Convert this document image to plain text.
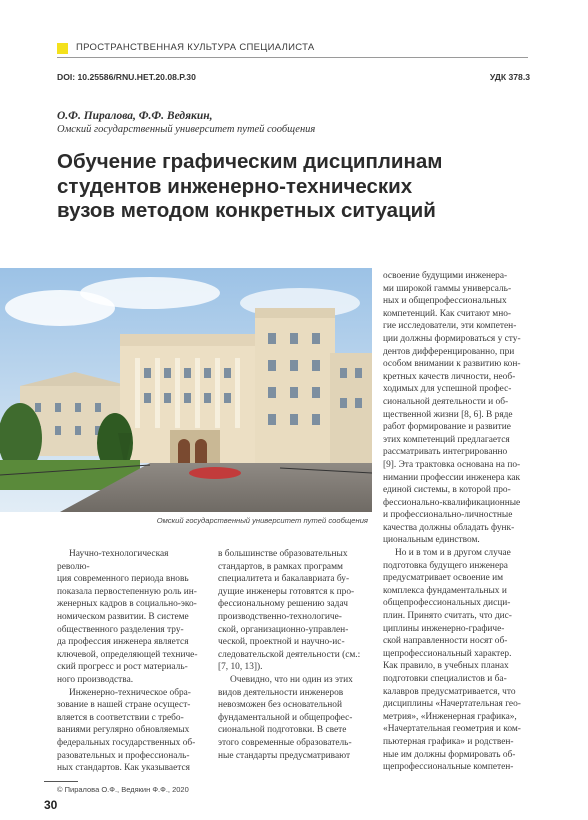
ПРОСТРАНСТВЕННАЯ КУЛЬТУРА СПЕЦИАЛИСТА
DOI: 10.25586/RNU.HET.20.08.P.30	УДК 378.3
О.Ф. Пиралова, Ф.Ф. Ведякин,
Омский государственный университет путей сообщения
Обучение графическим дисциплинам
студентов инженерно-технических
вузов методом конкретных ситуаций
Омский государственный университет путей сообщения

Научно-технологическая револю-

ция современного периода вновь

показала первостепенную роль ин-

женерных кадров в социально-эко-

номическом развитии. В системе

общественного разделения тру-

да профессия инженера является

ключевой, определяющей техниче-

ский прогресс и рост материаль-

ного производства.

Инженерно-техническое обра-

зование в нашей стране осущест-

вляется в соответствии с требо-

ваниями регулярно обновляемых

федеральных государственных об-

разовательных и профессиональ-

ных стандартов. Как указывается

в большинстве образовательных

стандартов, в рамках программ

специалитета и бакалавриата бу-

дущие инженеры готовятся к про-

фессиональному решению задач

производственно-технологиче-

ской, организационно-управлен-

ческой, проектной и научно-ис-

следовательской деятельности (см.:

[7, 10, 13]).

Очевидно, что ни один из этих

видов деятельности инженеров

невозможен без основательной

фундаментальной и общепрофес-

сиональной подготовки. В свете

этого современные образователь-

ные стандарты предусматривают

освоение будущими инженера-

ми широкой гаммы универсаль-

ных и общепрофессиональных

компетенций. Как считают мно-

гие исследователи, эти компетен-

ции должны формироваться у сту-

дентов дифференцированно, при

особом внимании к развитию кон-

кретных качеств личности, необ-

ходимых для успешной профес-

сиональной деятельности и об-

щественной жизни [8, 6]. В ряде

работ формирование и развитие

этих компетенций предлагается

рассматривать интегрированно

[9]. Эта трактовка основана на по-

нимании профессии инженера как

единой системы, в которой про-

фессионально-квалификационные

и профессионально-личностные

качества должны обладать функ-

циональным единством.

Но и в том и в другом случае

подготовка будущего инженера

предусматривает освоение им

комплекса фундаментальных и

общепрофессиональных дисци-

плин. Принято считать, что дис-

циплины инженерно-графиче-

ской направленности носят об-

щепрофессиональный характер.

Как правило, в учебных планах

подготовки специалистов и ба-

калавров предусматривается, что

дисциплины «Начертательная гео-

метрия», «Инженерная графика»,

«Начертательная геометрия и ком-

пьютерная графика» и родствен-

ные им должны формировать об-

щепрофессиональные компетен-

© Пиралова О.Ф., Ведякин Ф.Ф., 2020
30
